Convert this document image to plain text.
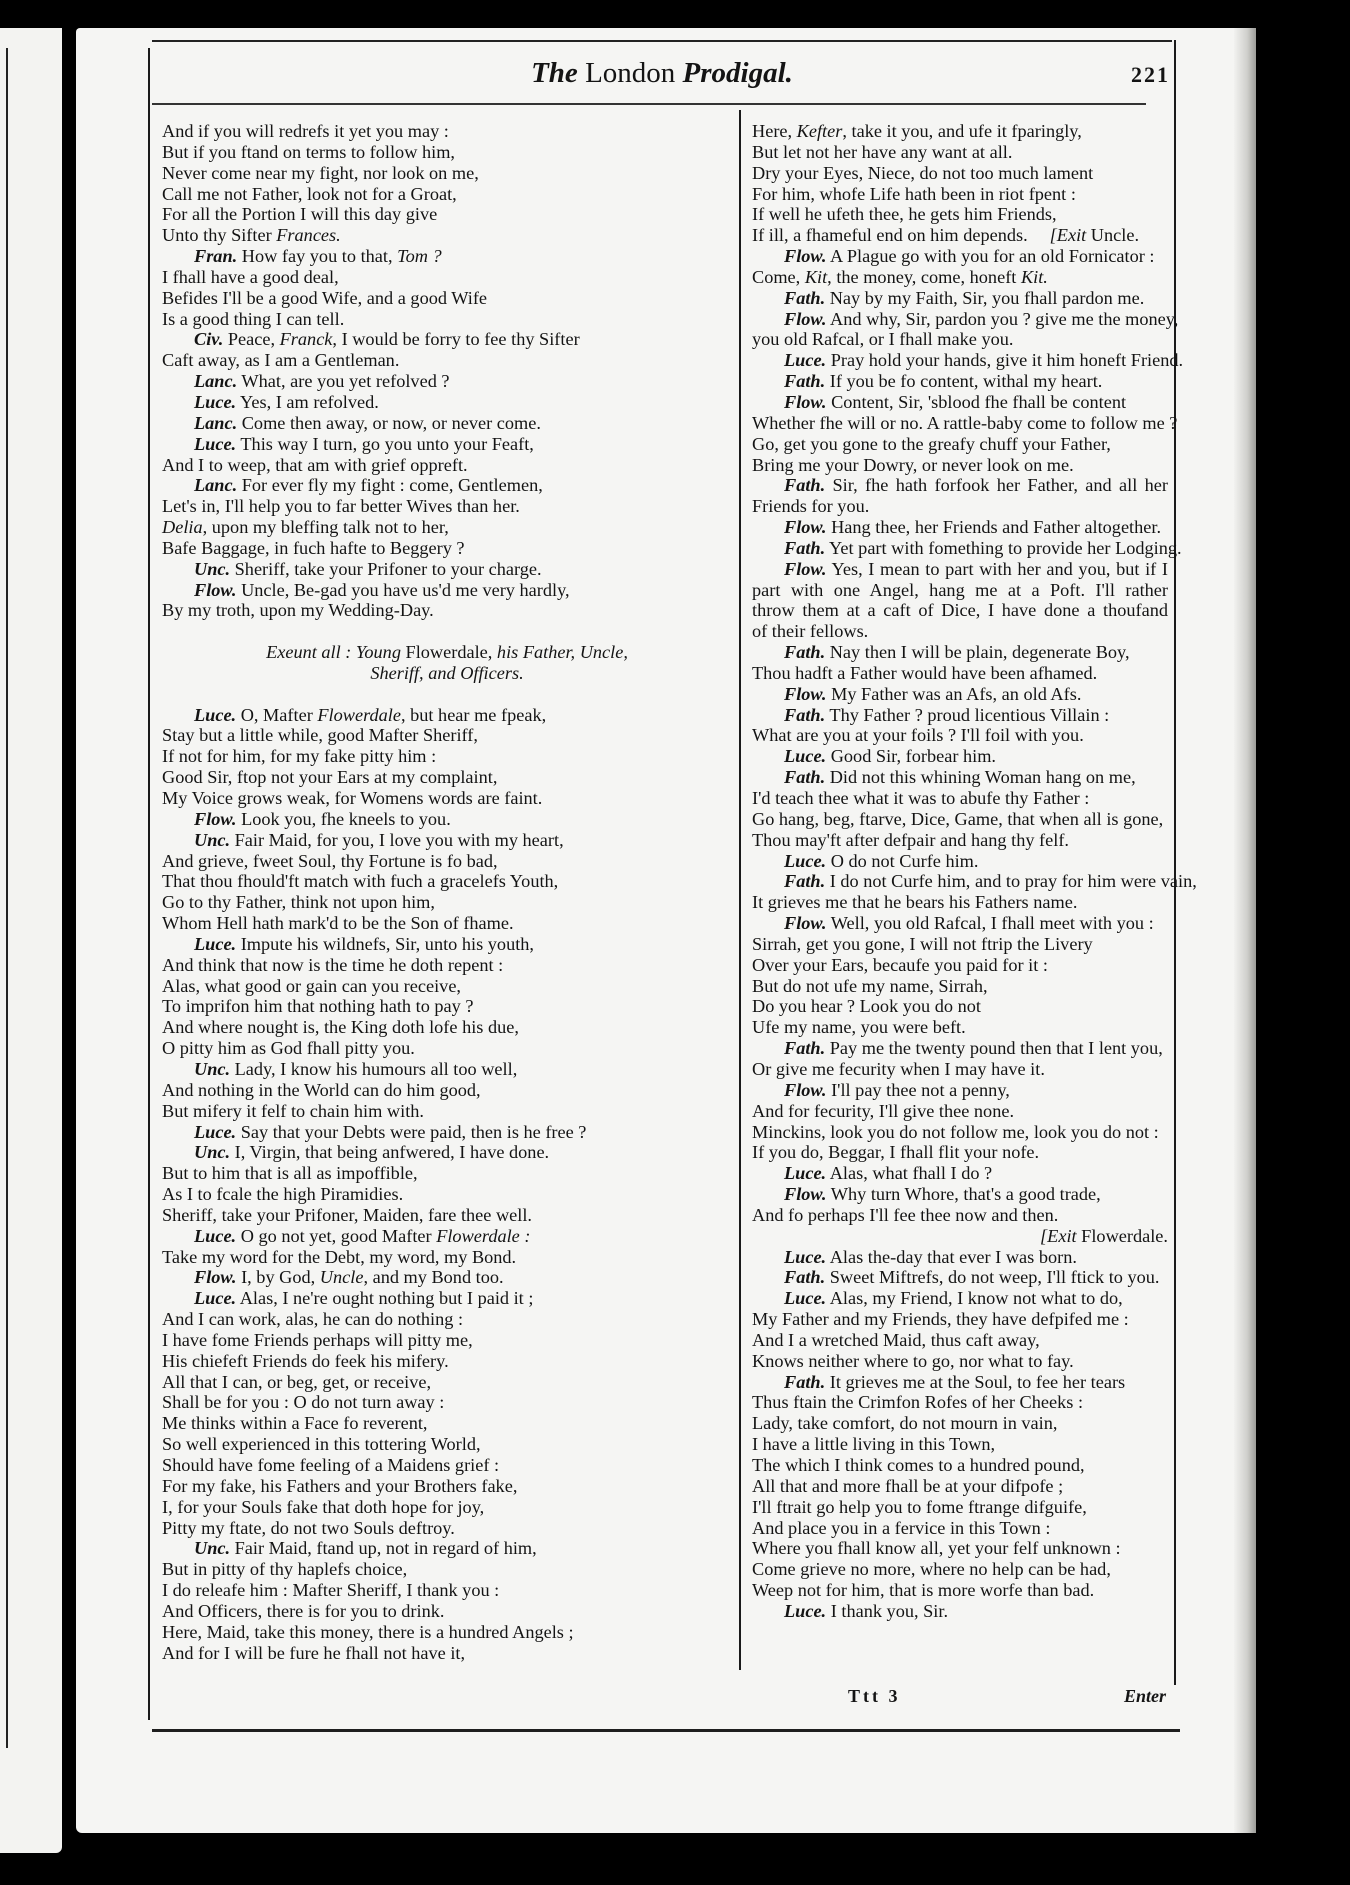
The London Prodigal.	221
And if you will redrefs it yet you may :
But if you ftand on terms to follow him,
Never come near my fight, nor look on me,
Call me not Father, look not for a Groat,
For all the Portion I will this day give
Unto thy Sifter Frances.
Fran. How fay you to that, Tom ?
I fhall have a good deal,
Befides I'll be a good Wife, and a good Wife
Is a good thing I can tell.
Civ. Peace, Franck, I would be forry to fee thy Sifter
Caft away, as I am a Gentleman.
Lanc. What, are you yet refolved ?
Luce. Yes, I am refolved.
Lanc. Come then away, or now, or never come.
Luce. This way I turn, go you unto your Feaft,
And I to weep, that am with grief oppreft.
Lanc. For ever fly my fight : come, Gentlemen,
Let's in, I'll help you to far better Wives than her.
Delia, upon my bleffing talk not to her,
Bafe Baggage, in fuch hafte to Beggery ?
Unc. Sheriff, take your Prifoner to your charge.
Flow. Uncle, Be-gad you have us'd me very hardly,
By my troth, upon my Wedding-Day.
Exeunt all : Young Flowerdale, his Father, Uncle,
Sheriff, and Officers.
Luce. O, Mafter Flowerdale, but hear me fpeak,
Stay but a little while, good Mafter Sheriff,
If not for him, for my fake pitty him :
Good Sir, ftop not your Ears at my complaint,
My Voice grows weak, for Womens words are faint.
Flow. Look you, fhe kneels to you.
Unc. Fair Maid, for you, I love you with my heart,
And grieve, fweet Soul, thy Fortune is fo bad,
That thou fhould'ft match with fuch a gracelefs Youth,
Go to thy Father, think not upon him,
Whom Hell hath mark'd to be the Son of fhame.
Luce. Impute his wildnefs, Sir, unto his youth,
And think that now is the time he doth repent :
Alas, what good or gain can you receive,
To imprifon him that nothing hath to pay ?
And where nought is, the King doth lofe his due,
O pitty him as God fhall pitty you.
Unc. Lady, I know his humours all too well,
And nothing in the World can do him good,
But mifery it felf to chain him with.
Luce. Say that your Debts were paid, then is he free ?
Unc. I, Virgin, that being anfwered, I have done.
But to him that is all as impoffible,
As I to fcale the high Piramidies.
Sheriff, take your Prifoner, Maiden, fare thee well.
Luce. O go not yet, good Mafter Flowerdale :
Take my word for the Debt, my word, my Bond.
Flow. I, by God, Uncle, and my Bond too.
Luce. Alas, I ne're ought nothing but I paid it ;
And I can work, alas, he can do nothing :
I have fome Friends perhaps will pitty me,
His chiefeft Friends do feek his mifery.
All that I can, or beg, get, or receive,
Shall be for you : O do not turn away :
Me thinks within a Face fo reverent,
So well experienced in this tottering World,
Should have fome feeling of a Maidens grief :
For my fake, his Fathers and your Brothers fake,
I, for your Souls fake that doth hope for joy,
Pitty my ftate, do not two Souls deftroy.
Unc. Fair Maid, ftand up, not in regard of him,
But in pitty of thy haplefs choice,
I do releafe him : Mafter Sheriff, I thank you :
And Officers, there is for you to drink.
Here, Maid, take this money, there is a hundred Angels ;
And for I will be fure he fhall not have it,
Here, Kefter, take it you, and ufe it fparingly,
But let not her have any want at all.
Dry your Eyes, Niece, do not too much lament
For him, whofe Life hath been in riot fpent :
If well he ufeth thee, he gets him Friends,
If ill, a fhameful end on him depends. [Exit Uncle.
Flow. A Plague go with you for an old Fornicator :
Come, Kit, the money, come, honeft Kit.
Fath. Nay by my Faith, Sir, you fhall pardon me.
Flow. And why, Sir, pardon you ? give me the money,
you old Rafcal, or I fhall make you.
Luce. Pray hold your hands, give it him honeft Friend.
Fath. If you be fo content, withal my heart.
Flow. Content, Sir, 'sblood fhe fhall be content
Whether fhe will or no. A rattle-baby come to follow me ?
Go, get you gone to the greafy chuff your Father,
Bring me your Dowry, or never look on me.
Fath. Sir, fhe hath forfook her Father, and all her
Friends for you.
Flow. Hang thee, her Friends and Father altogether.
Fath. Yet part with fomething to provide her Lodging.
Flow. Yes, I mean to part with her and you, but if I
part with one Angel, hang me at a Poft. I'll rather
throw them at a caft of Dice, I have done a thoufand
of their fellows.
Fath. Nay then I will be plain, degenerate Boy,
Thou hadft a Father would have been afhamed.
Flow. My Father was an Afs, an old Afs.
Fath. Thy Father ? proud licentious Villain :
What are you at your foils ? I'll foil with you.
Luce. Good Sir, forbear him.
Fath. Did not this whining Woman hang on me,
I'd teach thee what it was to abufe thy Father :
Go hang, beg, ftarve, Dice, Game, that when all is gone,
Thou may'ft after defpair and hang thy felf.
Luce. O do not Curfe him.
Fath. I do not Curfe him, and to pray for him were vain,
It grieves me that he bears his Fathers name.
Flow. Well, you old Rafcal, I fhall meet with you :
Sirrah, get you gone, I will not ftrip the Livery
Over your Ears, becaufe you paid for it :
But do not ufe my name, Sirrah,
Do you hear ? Look you do not
Ufe my name, you were beft.
Fath. Pay me the twenty pound then that I lent you,
Or give me fecurity when I may have it.
Flow. I'll pay thee not a penny,
And for fecurity, I'll give thee none.
Minckins, look you do not follow me, look you do not :
If you do, Beggar, I fhall flit your nofe.
Luce. Alas, what fhall I do ?
Flow. Why turn Whore, that's a good trade,
And fo perhaps I'll fee thee now and then.
[Exit Flowerdale.
Luce. Alas the-day that ever I was born.
Fath. Sweet Miftrefs, do not weep, I'll ftick to you.
Luce. Alas, my Friend, I know not what to do,
My Father and my Friends, they have defpifed me :
And I a wretched Maid, thus caft away,
Knows neither where to go, nor what to fay.
Fath. It grieves me at the Soul, to fee her tears
Thus ftain the Crimfon Rofes of her Cheeks :
Lady, take comfort, do not mourn in vain,
I have a little living in this Town,
The which I think comes to a hundred pound,
All that and more fhall be at your difpofe ;
I'll ftrait go help you to fome ftrange difguife,
And place you in a fervice in this Town :
Where you fhall know all, yet your felf unknown :
Come grieve no more, where no help can be had,
Weep not for him, that is more worfe than bad.
Luce. I thank you, Sir.
Ttt 3	Enter
